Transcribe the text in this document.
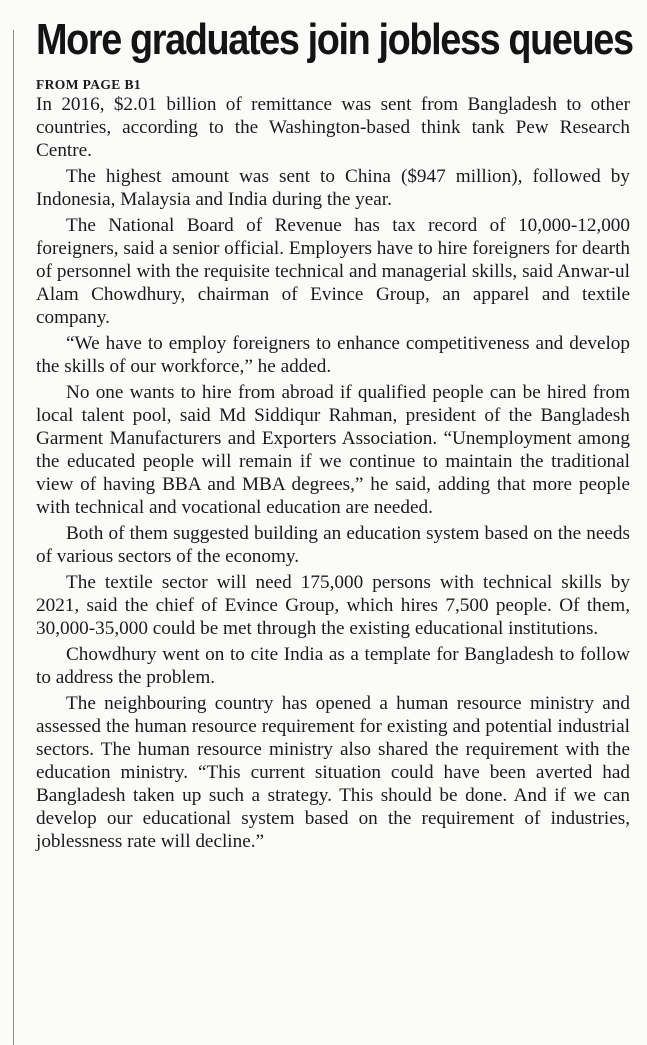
More graduates join jobless queues
FROM PAGE B1

In 2016, $2.01 billion of remittance was sent from Bangladesh to other countries, according to the Washington-based think tank Pew Research Centre.

The highest amount was sent to China ($947 million), followed by Indonesia, Malaysia and India during the year.

The National Board of Revenue has tax record of 10,000-12,000 foreigners, said a senior official. Employers have to hire foreigners for dearth of personnel with the requisite technical and managerial skills, said Anwar-ul Alam Chowdhury, chairman of Evince Group, an apparel and textile company.

“We have to employ foreigners to enhance competitiveness and develop the skills of our workforce,” he added.

No one wants to hire from abroad if qualified people can be hired from local talent pool, said Md Siddiqur Rahman, president of the Bangladesh Garment Manufacturers and Exporters Association. “Unemployment among the educated people will remain if we continue to maintain the traditional view of having BBA and MBA degrees,” he said, adding that more people with technical and vocational education are needed.

Both of them suggested building an education system based on the needs of various sectors of the economy.

The textile sector will need 175,000 persons with technical skills by 2021, said the chief of Evince Group, which hires 7,500 people. Of them, 30,000-35,000 could be met through the existing educational institutions.

Chowdhury went on to cite India as a template for Bangladesh to follow to address the problem.

The neighbouring country has opened a human resource ministry and assessed the human resource requirement for existing and potential industrial sectors. The human resource ministry also shared the requirement with the education ministry. “This current situation could have been averted had Bangladesh taken up such a strategy. This should be done. And if we can develop our educational system based on the requirement of industries, joblessness rate will decline.”
